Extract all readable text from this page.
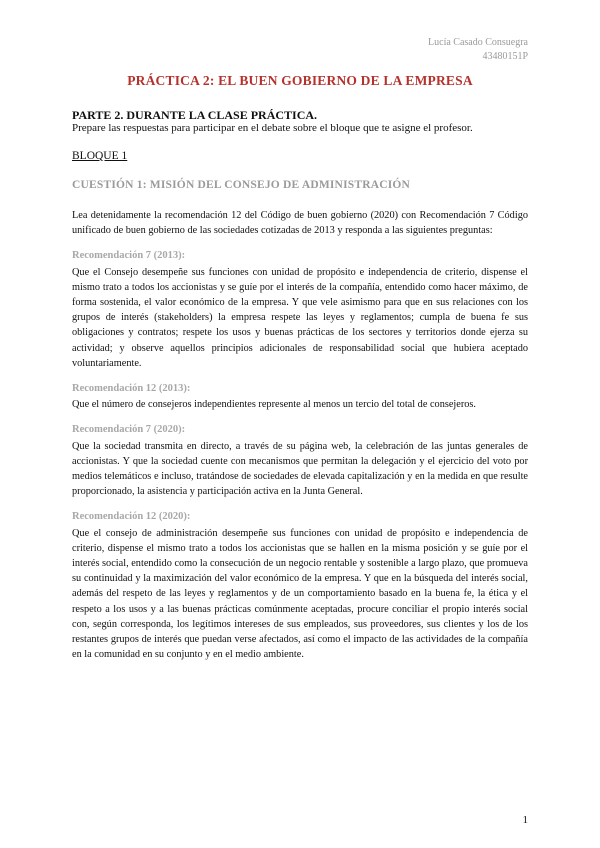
Lucía Casado Consuegra
43480151P
PRÁCTICA 2: EL BUEN GOBIERNO DE LA EMPRESA
PARTE 2. DURANTE LA CLASE PRÁCTICA.
Prepare las respuestas para participar en el debate sobre el bloque que te asigne el profesor.
BLOQUE 1
CUESTIÓN 1: MISIÓN DEL CONSEJO DE ADMINISTRACIÓN

Lea detenidamente la recomendación 12 del Código de buen gobierno (2020) con Recomendación 7 Código unificado de buen gobierno de las sociedades cotizadas de 2013 y responda a las siguientes preguntas:

Recomendación 7 (2013):

Que el Consejo desempeñe sus funciones con unidad de propósito e independencia de criterio, dispense el mismo trato a todos los accionistas y se guíe por el interés de la compañía, entendido como hacer máximo, de forma sostenida, el valor económico de la empresa. Y que vele asimismo para que en sus relaciones con los grupos de interés (stakeholders) la empresa respete las leyes y reglamentos; cumpla de buena fe sus obligaciones y contratos; respete los usos y buenas prácticas de los sectores y territorios donde ejerza su actividad; y observe aquellos principios adicionales de responsabilidad social que hubiera aceptado voluntariamente.

Recomendación 12 (2013):

Que el número de consejeros independientes represente al menos un tercio del total de consejeros.

Recomendación 7 (2020):

Que la sociedad transmita en directo, a través de su página web, la celebración de las juntas generales de accionistas. Y que la sociedad cuente con mecanismos que permitan la delegación y el ejercicio del voto por medios telemáticos e incluso, tratándose de sociedades de elevada capitalización y en la medida en que resulte proporcionado, la asistencia y participación activa en la Junta General.

Recomendación 12 (2020):

Que el consejo de administración desempeñe sus funciones con unidad de propósito e independencia de criterio, dispense el mismo trato a todos los accionistas que se hallen en la misma posición y se guíe por el interés social, entendido como la consecución de un negocio rentable y sostenible a largo plazo, que promueva su continuidad y la maximización del valor económico de la empresa. Y que en la búsqueda del interés social, además del respeto de las leyes y reglamentos y de un comportamiento basado en la buena fe, la ética y el respeto a los usos y a las buenas prácticas comúnmente aceptadas, procure conciliar el propio interés social con, según corresponda, los legítimos intereses de sus empleados, sus proveedores, sus clientes y los de los restantes grupos de interés que puedan verse afectados, así como el impacto de las actividades de la compañía en la comunidad en su conjunto y en el medio ambiente.

1
